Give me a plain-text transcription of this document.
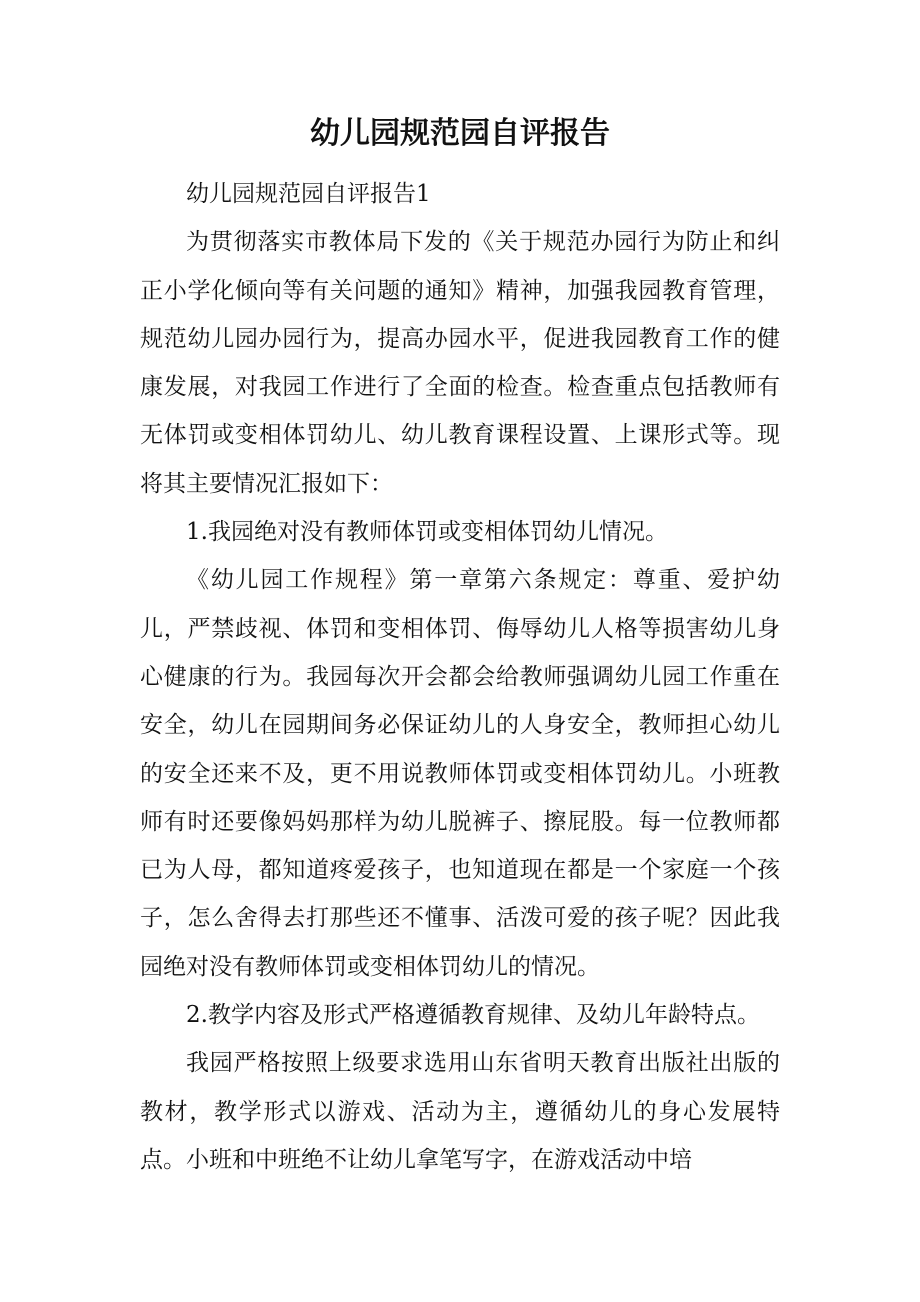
幼儿园规范园自评报告

幼儿园规范园自评报告1

为贯彻落实市教体局下发的《关于规范办园行为防止和纠正小学化倾向等有关问题的通知》精神，加强我园教育管理，规范幼儿园办园行为，提高办园水平，促进我园教育工作的健康发展，对我园工作进行了全面的检查。检查重点包括教师有无体罚或变相体罚幼儿、幼儿教育课程设置、上课形式等。现将其主要情况汇报如下：

1.我园绝对没有教师体罚或变相体罚幼儿情况。

《幼儿园工作规程》第一章第六条规定：尊重、爱护幼儿，严禁歧视、体罚和变相体罚、侮辱幼儿人格等损害幼儿身心健康的行为。我园每次开会都会给教师强调幼儿园工作重在安全，幼儿在园期间务必保证幼儿的人身安全，教师担心幼儿的安全还来不及，更不用说教师体罚或变相体罚幼儿。小班教师有时还要像妈妈那样为幼儿脱裤子、擦屁股。每一位教师都已为人母，都知道疼爱孩子，也知道现在都是一个家庭一个孩子，怎么舍得去打那些还不懂事、活泼可爱的孩子呢？因此我园绝对没有教师体罚或变相体罚幼儿的情况。

2.教学内容及形式严格遵循教育规律、及幼儿年龄特点。

我园严格按照上级要求选用山东省明天教育出版社出版的教材，教学形式以游戏、活动为主，遵循幼儿的身心发展特点。小班和中班绝不让幼儿拿笔写字，在游戏活动中培
